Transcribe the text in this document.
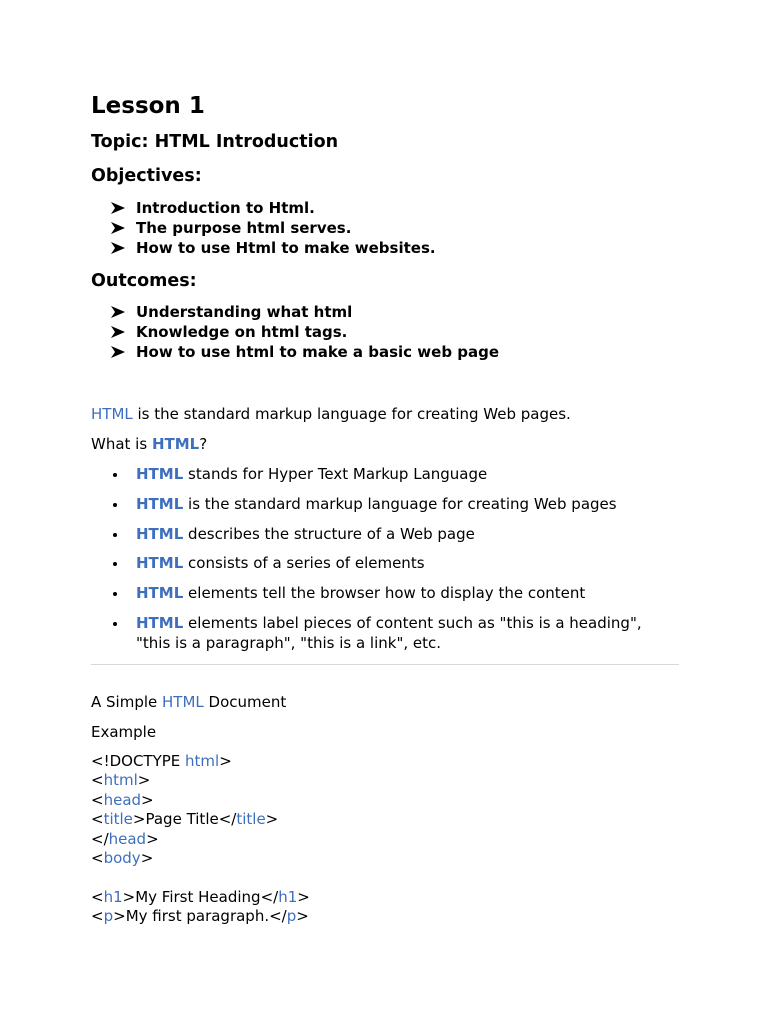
Lesson 1
Topic: HTML Introduction
Objectives:
Introduction to Html.
The purpose html serves.
How to use Html to make websites.
Outcomes:
Understanding what html
Knowledge on html tags.
How to use html to make a basic web page
HTML is the standard markup language for creating Web pages.
What is HTML?
HTML stands for Hyper Text Markup Language
HTML is the standard markup language for creating Web pages
HTML describes the structure of a Web page
HTML consists of a series of elements
HTML elements tell the browser how to display the content
HTML elements label pieces of content such as "this is a heading", "this is a paragraph", "this is a link", etc.
A Simple HTML Document
Example
<!DOCTYPE html>
<html>
<head>
<title>Page Title</title>
</head>
<body>
<h1>My First Heading</h1>
<p>My first paragraph.</p>
